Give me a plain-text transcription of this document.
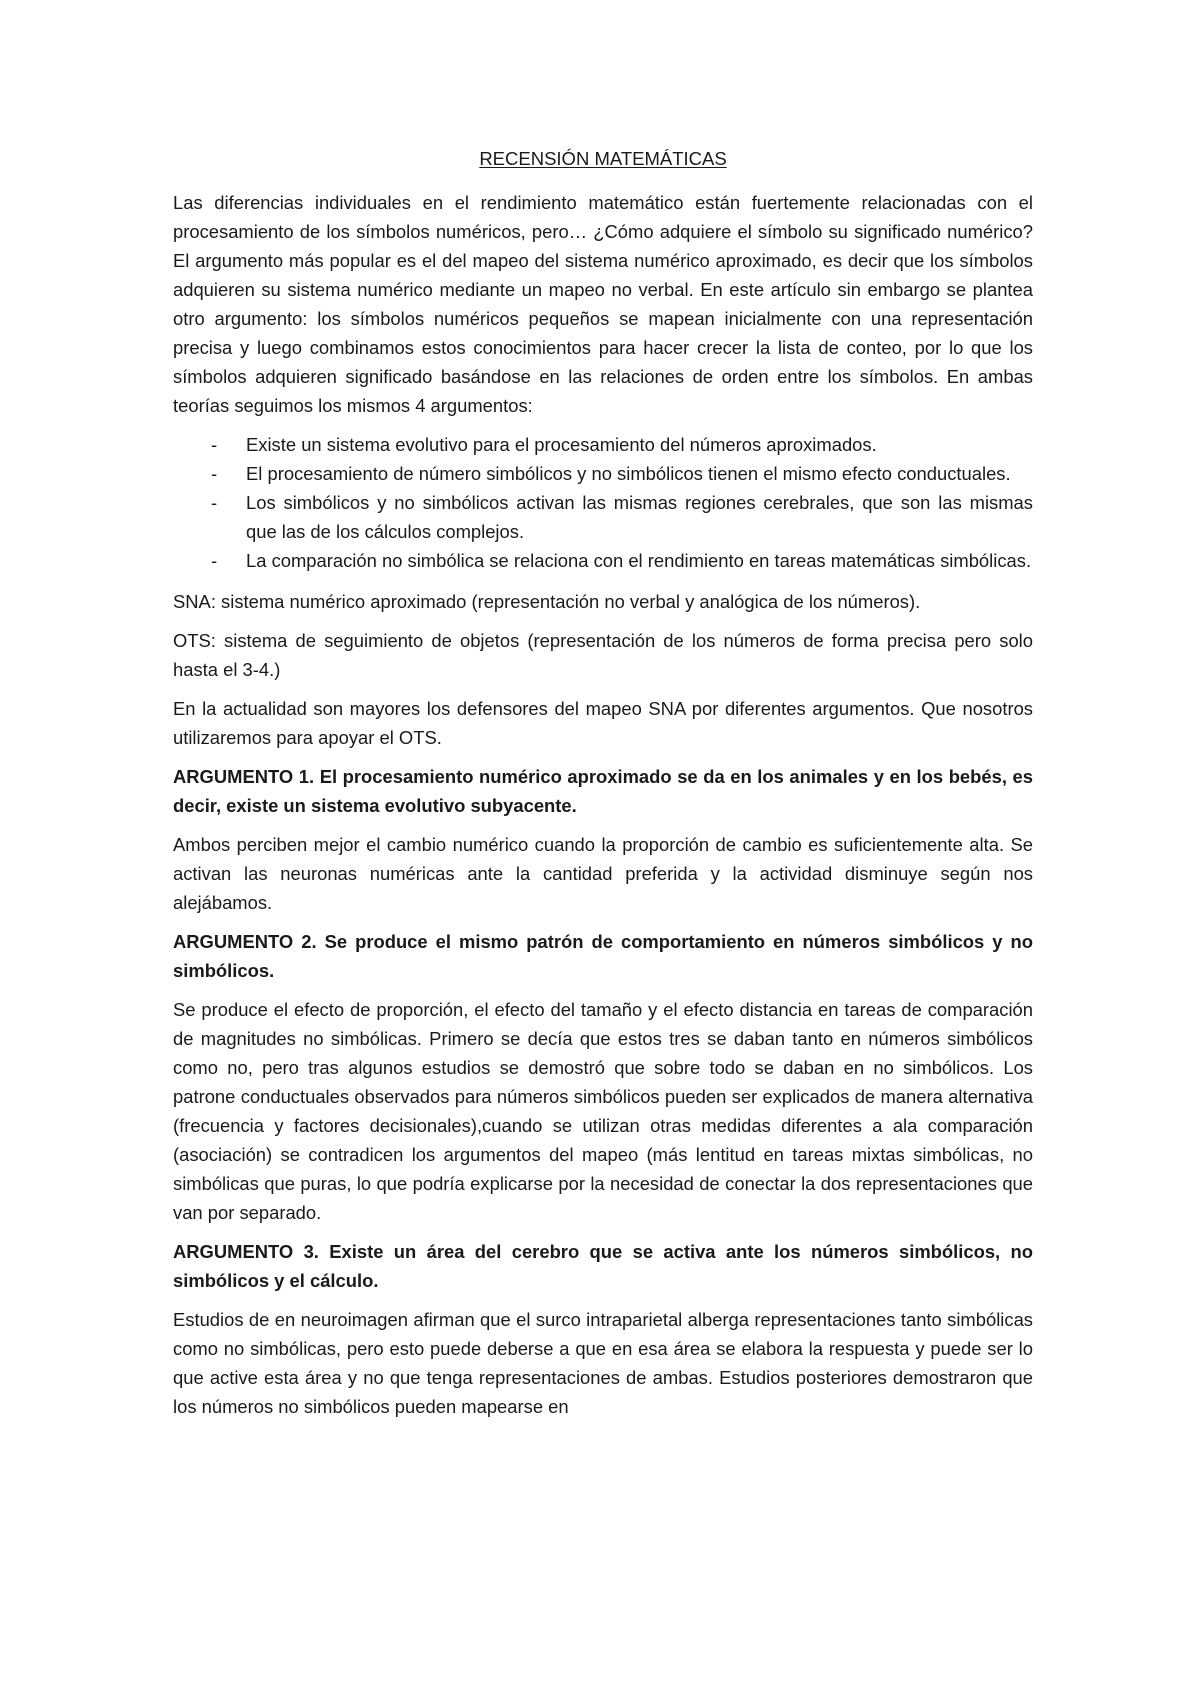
RECENSIÓN MATEMÁTICAS

Las diferencias individuales en el rendimiento matemático están fuertemente relacionadas con el procesamiento de los símbolos numéricos, pero… ¿Cómo adquiere el símbolo su significado numérico? El argumento más popular es el del mapeo del sistema numérico aproximado, es decir que los símbolos adquieren su sistema numérico mediante un mapeo no verbal. En este artículo sin embargo se plantea otro argumento: los símbolos numéricos pequeños se mapean inicialmente con una representación precisa y luego combinamos estos conocimientos para hacer crecer la lista de conteo, por lo que los símbolos adquieren significado basándose en las relaciones de orden entre los símbolos. En ambas teorías seguimos los mismos 4 argumentos:

- Existe un sistema evolutivo para el procesamiento del números aproximados.
- El procesamiento de número simbólicos y no simbólicos tienen el mismo efecto conductuales.
- Los simbólicos y no simbólicos activan las mismas regiones cerebrales, que son las mismas que las de los cálculos complejos.
- La comparación no simbólica se relaciona con el rendimiento en tareas matemáticas simbólicas.

SNA: sistema numérico aproximado (representación no verbal y analógica de los números).

OTS: sistema de seguimiento de objetos (representación de los números de forma precisa pero solo hasta el 3-4.)

En la actualidad son mayores los defensores del mapeo SNA por diferentes argumentos. Que nosotros utilizaremos para apoyar el OTS.

ARGUMENTO 1. El procesamiento numérico aproximado se da en los animales y en los bebés, es decir, existe un sistema evolutivo subyacente.

Ambos perciben mejor el cambio numérico cuando la proporción de cambio es suficientemente alta. Se activan las neuronas numéricas ante la cantidad preferida y la actividad disminuye según nos alejábamos.

ARGUMENTO 2. Se produce el mismo patrón de comportamiento en números simbólicos y no simbólicos.

Se produce el efecto de proporción, el efecto del tamaño y el efecto distancia en tareas de comparación de magnitudes no simbólicas. Primero se decía que estos tres se daban tanto en números simbólicos como no, pero tras algunos estudios se demostró que sobre todo se daban en no simbólicos. Los patrone conductuales observados para números simbólicos pueden ser explicados de manera alternativa (frecuencia y factores decisionales),cuando se utilizan otras medidas diferentes a ala comparación (asociación) se contradicen los argumentos del mapeo (más lentitud en tareas mixtas simbólicas, no simbólicas que puras, lo que podría explicarse por la necesidad de conectar la dos representaciones que van por separado.

ARGUMENTO 3. Existe un área del cerebro que se activa ante los números simbólicos, no simbólicos y el cálculo.

Estudios de en neuroimagen afirman que el surco intraparietal alberga representaciones tanto simbólicas como no simbólicas, pero esto puede deberse a que en esa área se elabora la respuesta y puede ser lo que active esta área y no que tenga representaciones de ambas. Estudios posteriores demostraron que los números no simbólicos pueden mapearse en
